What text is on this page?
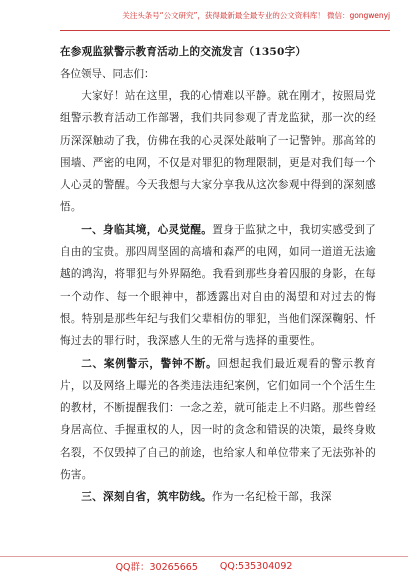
关注头条号“公文研究”，获得最新最全最专业的公文资料库！ 微信：gongwenyj

在参观监狱警示教育活动上的交流发言（1350字）

各位领导、同志们：

大家好！站在这里，我的心情难以平静。就在刚才，按照局党组警示教育活动工作部署，我们共同参观了青龙监狱，那一次的经历深深触动了我，仿佛在我的心灵深处敲响了一记警钟。那高耸的围墙、严密的电网，不仅是对罪犯的物理限制，更是对我们每一个人心灵的警醒。今天我想与大家分享我从这次参观中得到的深刻感悟。

一、身临其境，心灵觉醒。置身于监狱之中，我切实感受到了自由的宝贵。那四周坚固的高墙和森严的电网，如同一道道无法逾越的鸿沟，将罪犯与外界隔绝。我看到那些身着囚服的身影，在每一个动作、每一个眼神中，都透露出对自由的渴望和对过去的悔恨。特别是那些年纪与我们父辈相仿的罪犯，当他们深深鞠躬、忏悔过去的罪行时，我深感人生的无常与选择的重要性。

二、案例警示，警钟不断。回想起我们最近观看的警示教育片，以及网络上曝光的各类违法违纪案例，它们如同一个个活生生的教材，不断提醒我们：一念之差，就可能走上不归路。那些曾经身居高位、手握重权的人，因一时的贪念和错误的决策，最终身败名裂，不仅毁掉了自己的前途，也给家人和单位带来了无法弥补的伤害。

三、深刻自省，筑牢防线。作为一名纪检干部，我深

QQ群：30265665 QQ:535304092
